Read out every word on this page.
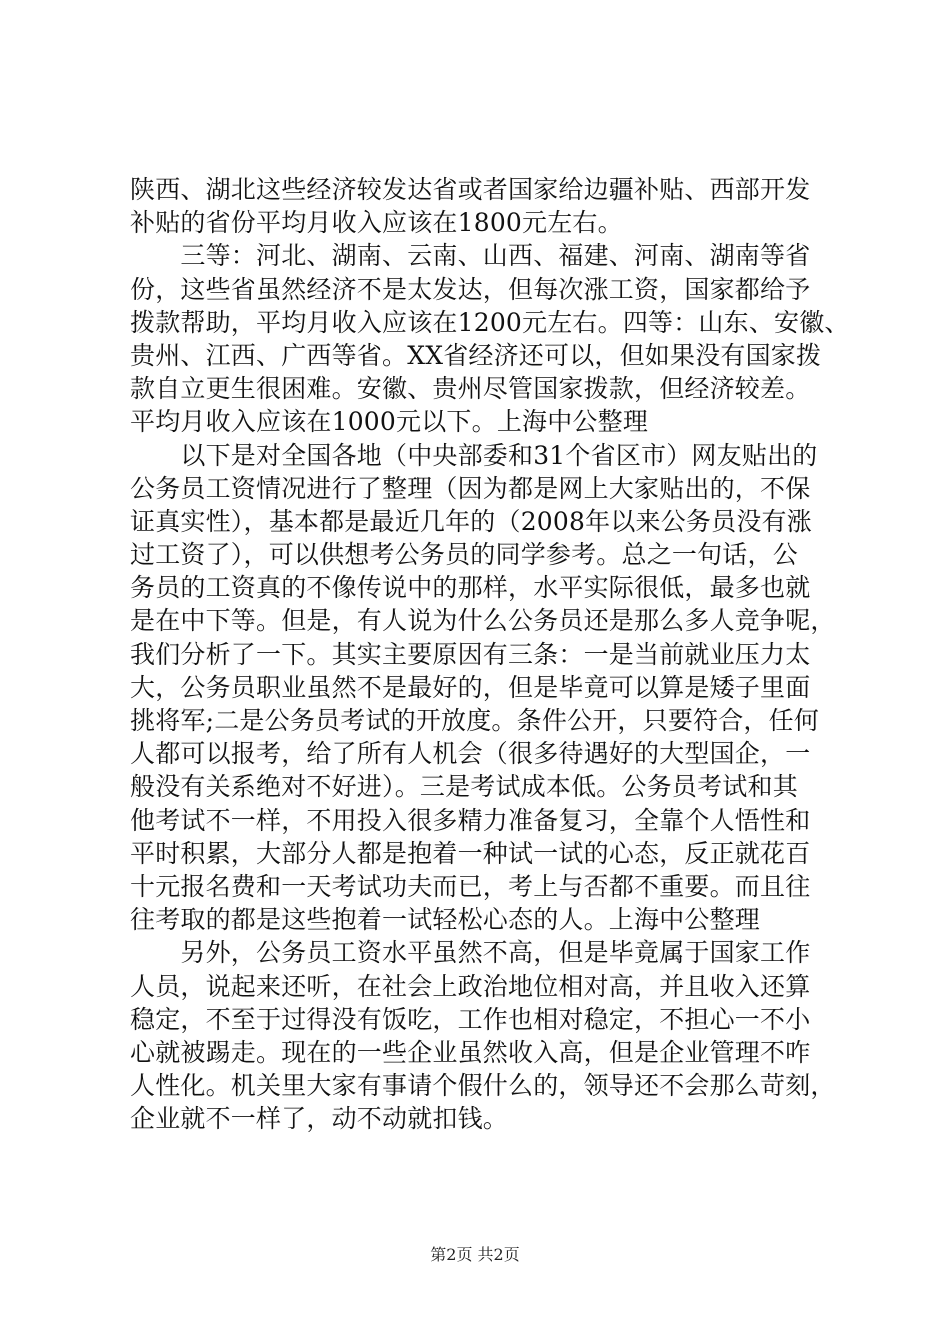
陕西、湖北这些经济较发达省或者国家给边疆补贴、西部开发
补贴的省份平均月收入应该在1800元左右。
　　三等：河北、湖南、云南、山西、福建、河南、湖南等省
份，这些省虽然经济不是太发达，但每次涨工资，国家都给予
拨款帮助，平均月收入应该在1200元左右。四等：山东、安徽、
贵州、江西、广西等省。XX省经济还可以，但如果没有国家拨
款自立更生很困难。安徽、贵州尽管国家拨款，但经济较差。
平均月收入应该在1000元以下。上海中公整理
　　以下是对全国各地（中央部委和31个省区市）网友贴出的
公务员工资情况进行了整理（因为都是网上大家贴出的，不保
证真实性），基本都是最近几年的（2008年以来公务员没有涨
过工资了），可以供想考公务员的同学参考。总之一句话，公
务员的工资真的不像传说中的那样，水平实际很低，最多也就
是在中下等。但是，有人说为什么公务员还是那么多人竞争呢，
我们分析了一下。其实主要原因有三条：一是当前就业压力太
大，公务员职业虽然不是最好的，但是毕竟可以算是矮子里面
挑将军;二是公务员考试的开放度。条件公开，只要符合，任何
人都可以报考，给了所有人机会（很多待遇好的大型国企，一
般没有关系绝对不好进）。三是考试成本低。公务员考试和其
他考试不一样，不用投入很多精力准备复习，全靠个人悟性和
平时积累，大部分人都是抱着一种试一试的心态，反正就花百
十元报名费和一天考试功夫而已，考上与否都不重要。而且往
往考取的都是这些抱着一试轻松心态的人。上海中公整理
　　另外，公务员工资水平虽然不高，但是毕竟属于国家工作
人员，说起来还听，在社会上政治地位相对高，并且收入还算
稳定，不至于过得没有饭吃，工作也相对稳定，不担心一不小
心就被踢走。现在的一些企业虽然收入高，但是企业管理不咋
人性化。机关里大家有事请个假什么的，领导还不会那么苛刻，
企业就不一样了，动不动就扣钱。
第2页 共2页
